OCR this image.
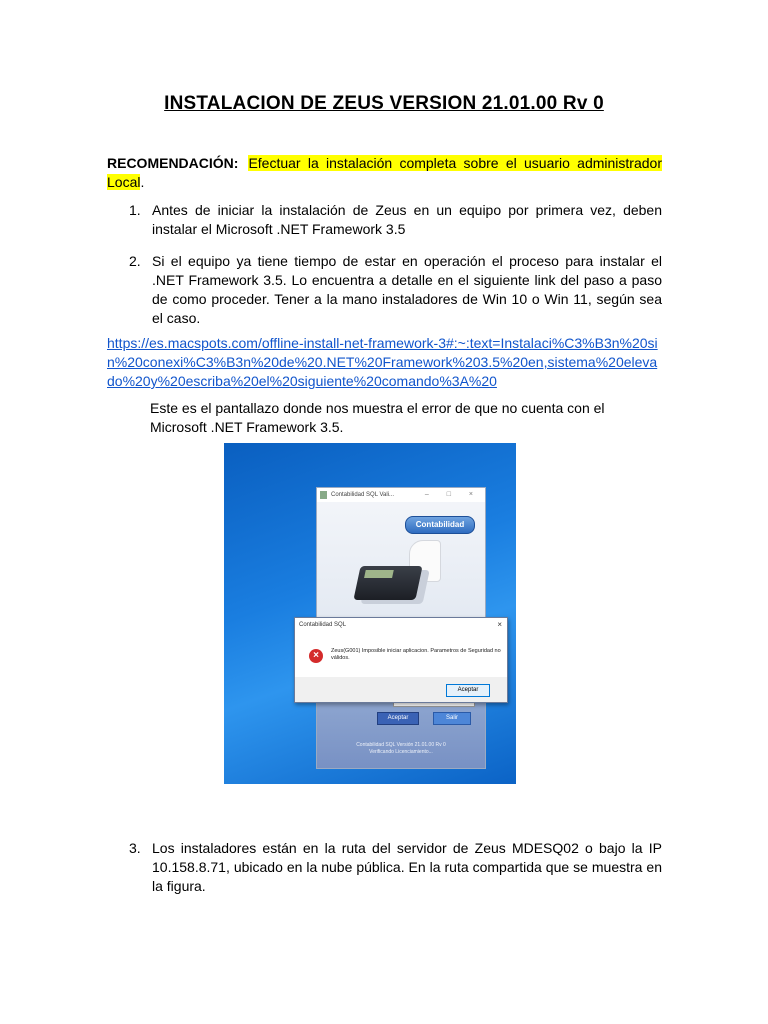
INSTALACION DE ZEUS VERSION 21.01.00 Rv 0
RECOMENDACIÓN: Efectuar la instalación completa sobre el usuario administrador Local.
1. Antes de iniciar la instalación de Zeus en un equipo por primera vez, deben instalar el Microsoft .NET Framework 3.5
2. Si el equipo ya tiene tiempo de estar en operación el proceso para instalar el .NET Framework 3.5. Lo encuentra a detalle en el siguiente link del paso a paso de como proceder. Tener a la mano instaladores de Win 10 o Win 11, según sea el caso.
https://es.macspots.com/offline-install-net-framework-3#:~:text=Instalaci%C3%B3n%20sin%20conexi%C3%B3n%20de%20.NET%20Framework%203.5%20en,sistema%20elevado%20y%20escriba%20el%20siguiente%20comando%3A%20
Este es el pantallazo donde nos muestra el error de que no cuenta con el Microsoft .NET Framework 3.5.
Contabilidad SQL Vali...	– □ ×
Contabilidad
Aceptar	Salir
Contabilidad SQL Versión 21.01.00 Rv 0
Verificando Licenciamiento...
Contabilidad SQL	×
×	Zeus(G001) Imposible iniciar aplicacion. Parametros de Seguridad no válidos.
Aceptar
3. Los instaladores están en la ruta del servidor de Zeus MDESQ02 o bajo la IP 10.158.8.71, ubicado en la nube pública. En la ruta compartida que se muestra en la figura.
